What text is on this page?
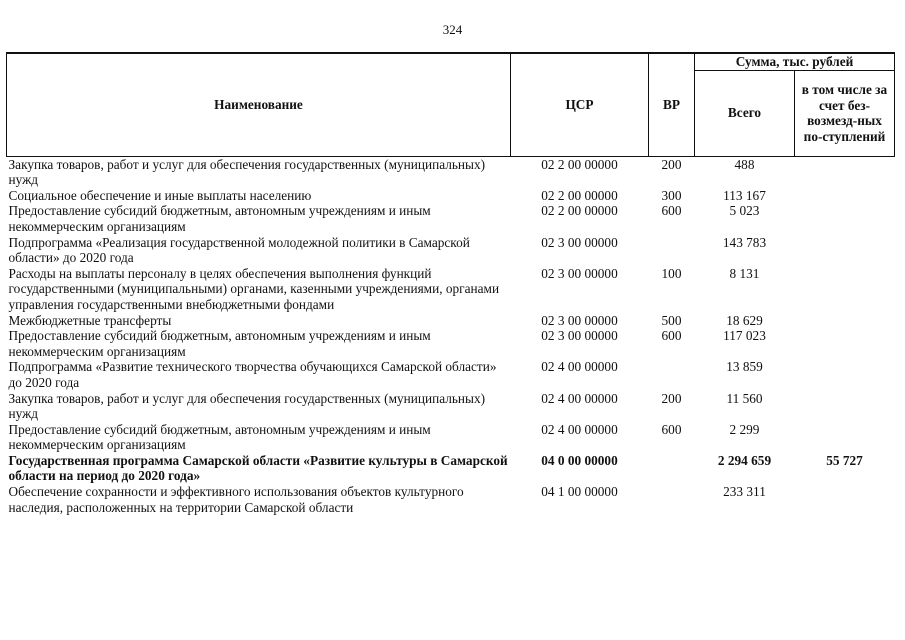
324
Наименование	ЦСР	ВР	Сумма, тыс. рублей	
			Всего	в том числе за счет без-возмезд-ных по-ступлений
Закупка товаров, работ и услуг для обеспечения государственных (муниципальных) нужд	02 2 00 00000	200	488	
Социальное обеспечение и иные выплаты населению	02 2 00 00000	300	113 167	
Предоставление субсидий бюджетным, автономным учреждениям и иным некоммерческим организациям	02 2 00 00000	600	5 023	
Подпрограмма «Реализация государственной молодежной политики в Самарской области» до 2020 года	02 3 00 00000		143 783	
Расходы на выплаты персоналу в целях обеспечения выполнения функций государственными (муниципальными) органами, казенными учреждениями, органами управления государственными внебюджетными фондами	02 3 00 00000	100	8 131	
Межбюджетные трансферты	02 3 00 00000	500	18 629	
Предоставление субсидий бюджетным, автономным учреждениям и иным некоммерческим организациям	02 3 00 00000	600	117 023	
Подпрограмма «Развитие технического творчества обучающихся Самарской области» до 2020 года	02 4 00 00000		13 859	
Закупка товаров, работ и услуг для обеспечения государственных (муниципальных) нужд	02 4 00 00000	200	11 560	
Предоставление субсидий бюджетным, автономным учреждениям и иным некоммерческим организациям	02 4 00 00000	600	2 299	
Государственная программа Самарской области «Развитие культуры в Самарской области на период до 2020 года»	04 0 00 00000		2 294 659	55 727
Обеспечение сохранности и эффективного использования объектов культурного наследия, расположенных на территории Самарской области	04 1 00 00000		233 311	
